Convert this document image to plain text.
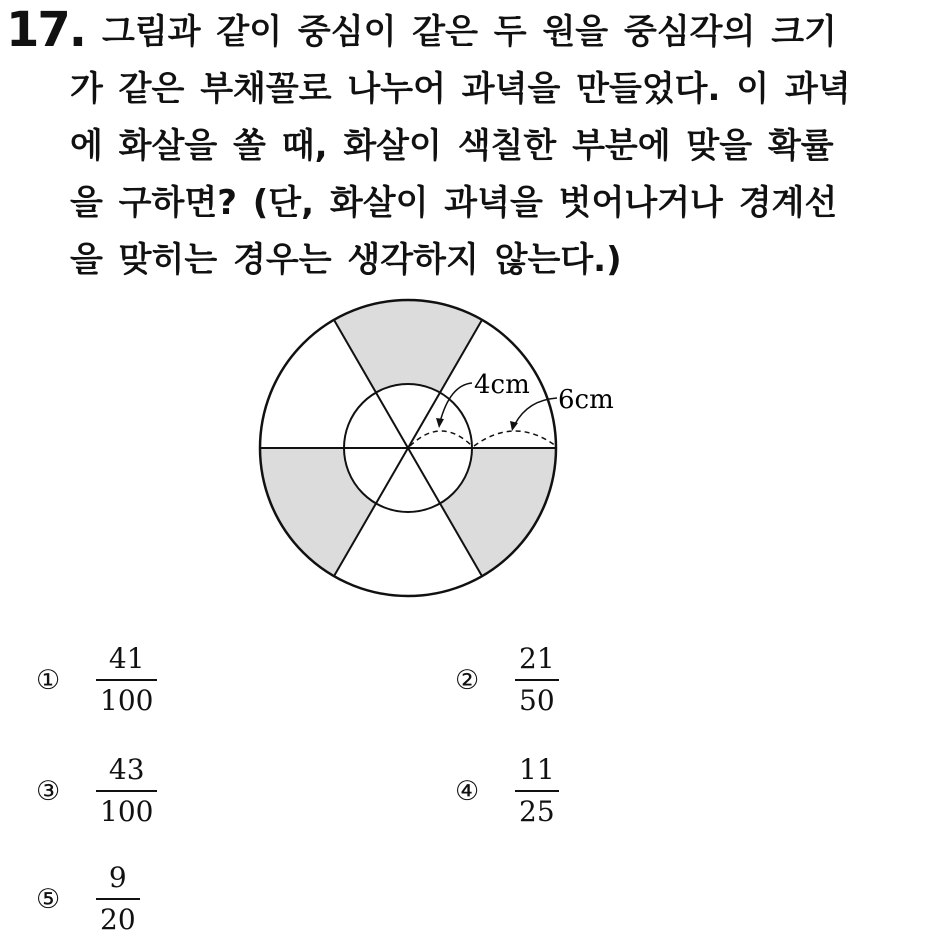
17. 그림과 같이 중심이 같은 두 원을 중심각의 크기
가 같은 부채꼴로 나누어 과녁을 만들었다. 이 과녁
에 화살을 쏠 때, 화살이 색칠한 부분에 맞을 확률
을 구하면? (단, 화살이 과녁을 벗어나거나 경계선
을 맞히는 경우는 생각하지 않는다.)
4cm 6cm
①	$\frac{41}{100}$	②	$\frac{21}{50}$
③	$\frac{43}{100}$	④	$\frac{11}{25}$
⑤	$\frac{9}{20}$
